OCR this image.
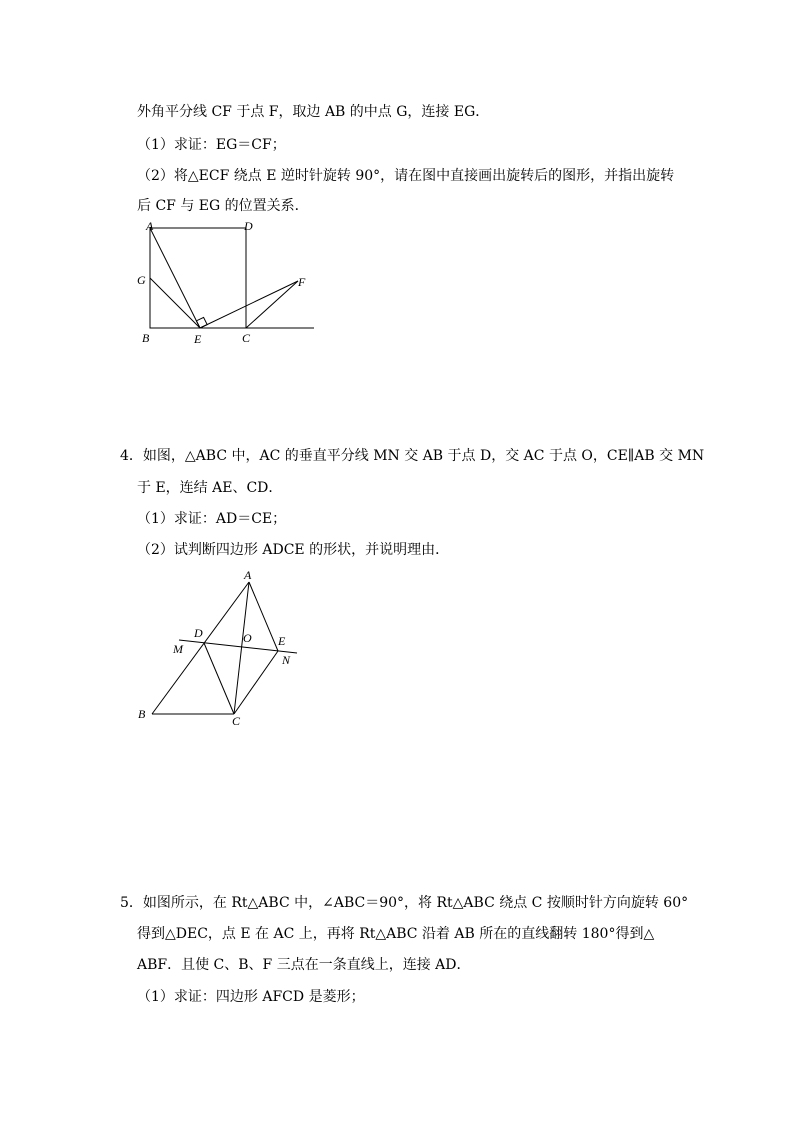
外角平分线 CF 于点 F，取边 AB 的中点 G，连接 EG．
（1）求证：EG＝CF；
（2）将△ECF 绕点 E 逆时针旋转 90°，请在图中直接画出旋转后的图形，并指出旋转
后 CF 与 EG 的位置关系．
A	D
G	F
B	E	C
4．如图，△ABC 中，AC 的垂直平分线 MN 交 AB 于点 D，交 AC 于点 O，CE∥AB 交 MN
于 E，连结 AE、CD．
（1）求证：AD＝CE；
（2）试判断四边形 ADCE 的形状，并说明理由．
A
D	O E
M
N
B	C
5．如图所示，在 Rt△ABC 中，∠ABC＝90°，将 Rt△ABC 绕点 C 按顺时针方向旋转 60°
得到△DEC，点 E 在 AC 上，再将 Rt△ABC 沿着 AB 所在的直线翻转 180°得到△
ABF．且使 C、B、F 三点在一条直线上，连接 AD．
（1）求证：四边形 AFCD 是菱形；
